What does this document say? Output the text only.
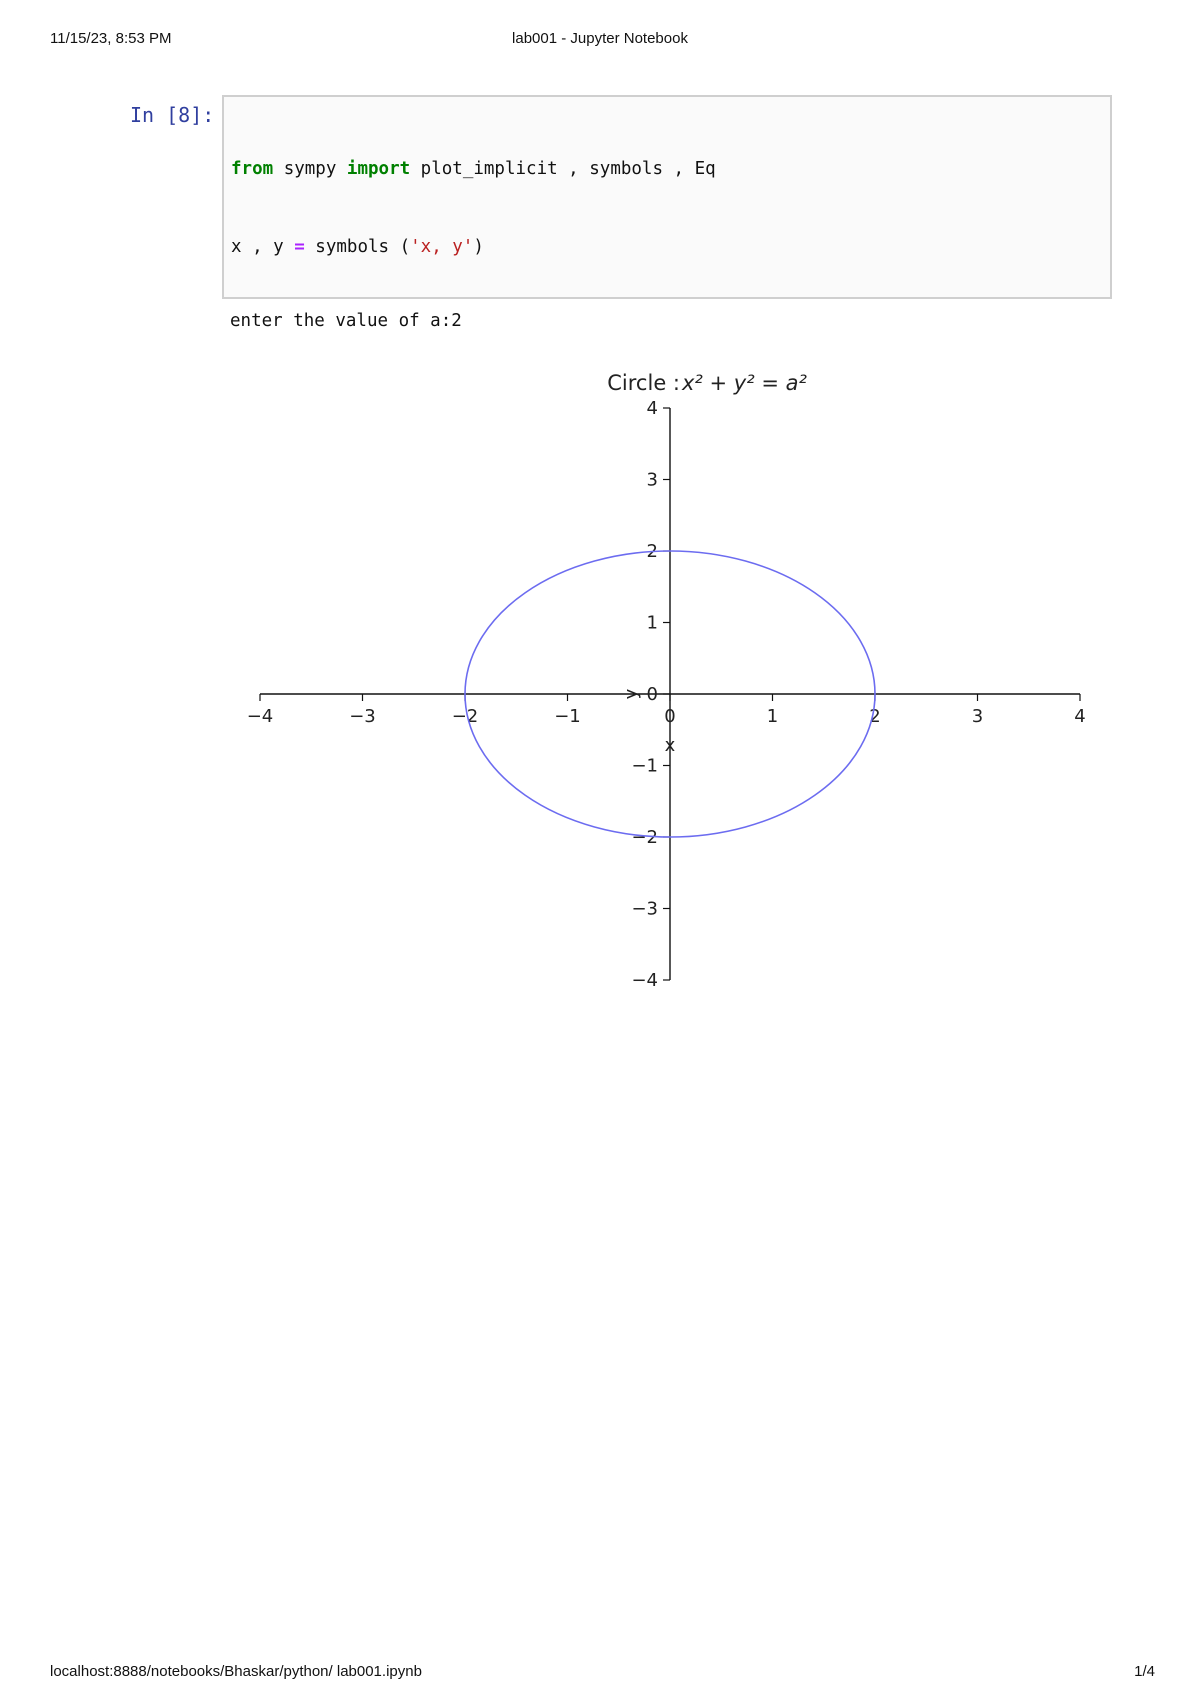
11/15/23, 8:53 PM	lab001 - Jupyter Notebook
In [8]:

from sympy import plot_implicit , symbols , Eq

x , y = symbols ('x, y')

enter the value of a:2
Circle : x² + y² = a²
−4	−3	−2	−1	0	1	2	3	4
−4
−3
−2
−1
0
1
2
3
4
x
y
localhost:8888/notebooks/Bhaskar/python/ lab001.ipynb	1/4
